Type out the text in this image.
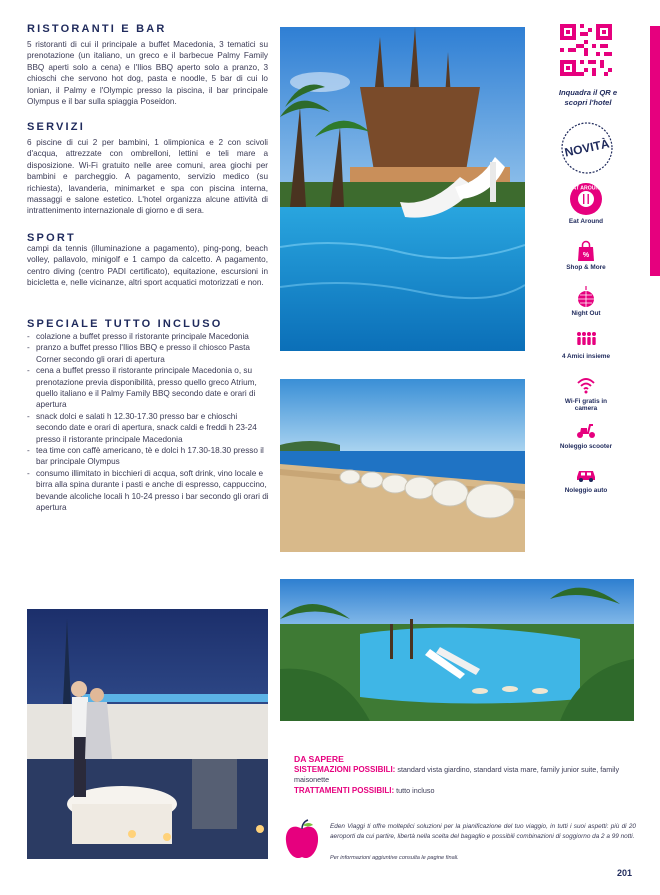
RISTORANTI E BAR
5 ristoranti di cui il principale a buffet Macedonia, 3 tematici su prenotazione (un italiano, un greco e il barbecue Palmy Family BBQ aperti solo a cena) e l'Ilios BBQ aperto solo a pranzo, 3 chioschi che servono hot dog, pasta e noodle, 5 bar di cui lo Ionian, il Palmy e l'Olympic presso la piscina, il bar principale Olympus e il bar sulla spiaggia Poseidon.
SERVIZI
6 piscine di cui 2 per bambini, 1 olimpionica e 2 con scivoli d'acqua, attrezzate con ombrelloni, lettini e teli mare a disposizione. Wi-Fi gratuito nelle aree comuni, area giochi per bambini e parcheggio. A pagamento, servizio medico (su richiesta), lavanderia, minimarket e spa con piscina interna, massaggi e salone estetico. L'hotel organizza alcune attività di intrattenimento internazionale di giorno e di sera.
SPORT
campi da tennis (illuminazione a pagamento), ping-pong, beach volley, pallavolo, minigolf e 1 campo da calcetto. A pagamento, centro diving (centro PADI certificato), equitazione, escursioni in bicicletta e, nelle vicinanze, altri sport acquatici motorizzati e non.
SPECIALE TUTTO INCLUSO
- colazione a buffet presso il ristorante principale Macedonia
- pranzo a buffet presso l'Ilios BBQ e presso il chiosco Pasta Corner secondo gli orari di apertura
- cena a buffet presso il ristorante principale Macedonia o, su prenotazione previa disponibilità, presso quello greco Atrium, quello italiano e il Palmy Family BBQ secondo date e orari di apertura
- snack dolci e salati h 12.30-17.30 presso bar e chioschi secondo date e orari di apertura, snack caldi e freddi h 23-24 presso il ristorante principale Macedonia
- tea time con caffè americano, tè e dolci h 17.30-18.30 presso il bar principale Olympus
- consumo illimitato in bicchieri di acqua, soft drink, vino locale e birra alla spina durante i pasti e anche di espresso, cappuccino, bevande alcoliche locali h 10-24 presso i bar secondo gli orari di apertura
Inquadra il QR e scopri l'hotel
NOVITÀ
EAT AROUND
Eat Around
%
Shop & More
Night Out
4 Amici insieme
Wi-Fi gratis in camera
Noleggio scooter
Noleggio auto
DA SAPERE
SISTEMAZIONI POSSIBILI: standard vista giardino, standard vista mare, family junior suite, family maisonette
TRATTAMENTI POSSIBILI: tutto incluso
Eden Viaggi ti offre molteplici soluzioni per la pianificazione del tuo viaggio, in tutti i suoi aspetti: più di 20 aeroporti da cui partire, libertà nella scelta del bagaglio e possibili combinazioni di soggiorno da 2 a 99 notti.
Per informazioni aggiuntive consulta le pagine finali.
201
